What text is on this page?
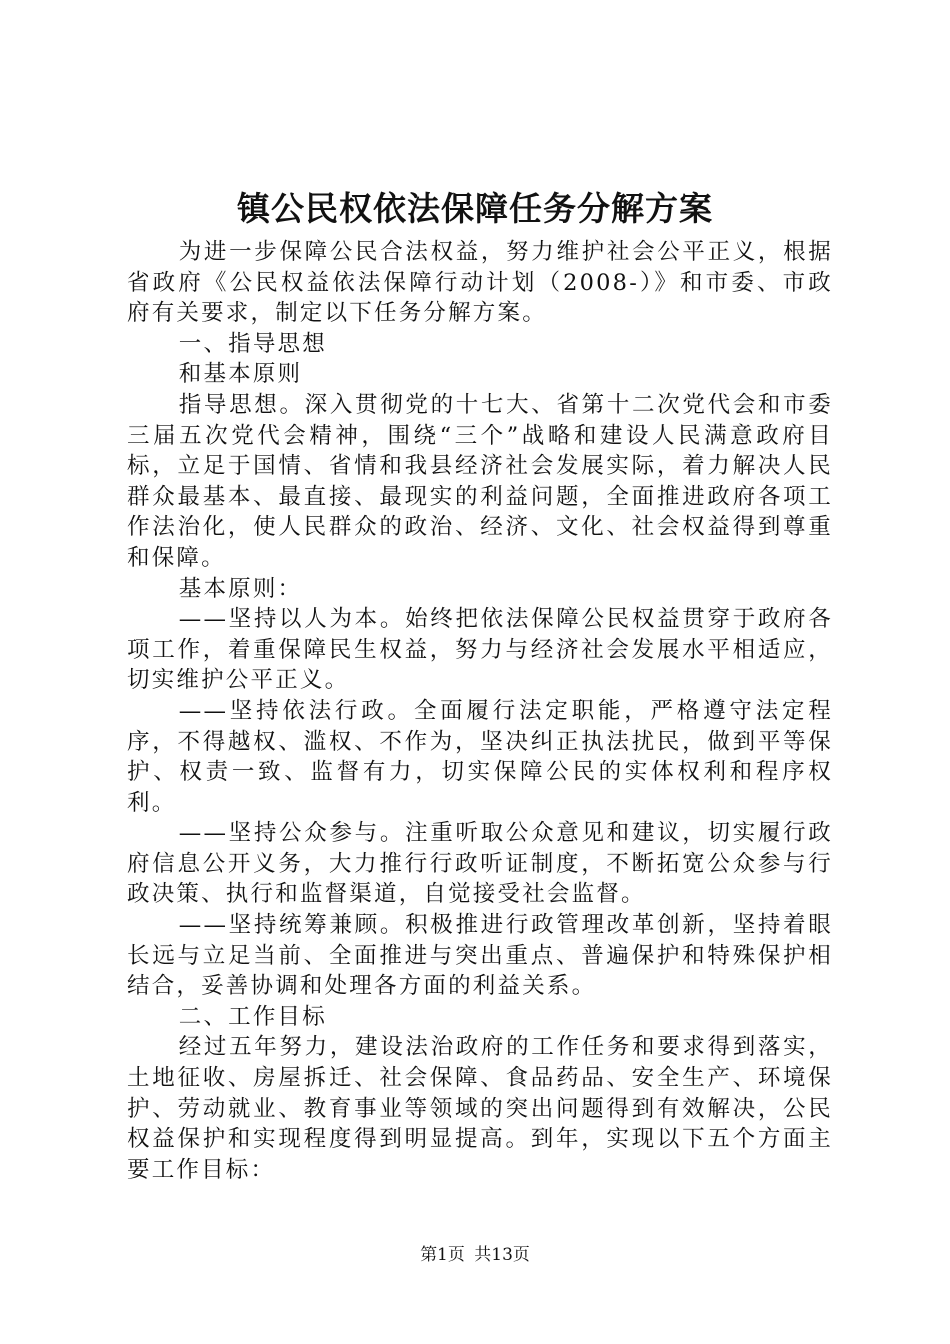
镇公民权依法保障任务分解方案

为进一步保障公民合法权益，努力维护社会公平正义，根据省政府《公民权益依法保障行动计划（2008-）》和市委、市政府有关要求，制定以下任务分解方案。

一、指导思想

和基本原则

指导思想。深入贯彻党的十七大、省第十二次党代会和市委三届五次党代会精神，围绕“三个”战略和建设人民满意政府目标，立足于国情、省情和我县经济社会发展实际，着力解决人民群众最基本、最直接、最现实的利益问题，全面推进政府各项工作法治化，使人民群众的政治、经济、文化、社会权益得到尊重和保障。

基本原则：

——坚持以人为本。始终把依法保障公民权益贯穿于政府各项工作，着重保障民生权益，努力与经济社会发展水平相适应，切实维护公平正义。

——坚持依法行政。全面履行法定职能，严格遵守法定程序，不得越权、滥权、不作为，坚决纠正执法扰民，做到平等保护、权责一致、监督有力，切实保障公民的实体权利和程序权利。

——坚持公众参与。注重听取公众意见和建议，切实履行政府信息公开义务，大力推行行政听证制度，不断拓宽公众参与行政决策、执行和监督渠道，自觉接受社会监督。

——坚持统筹兼顾。积极推进行政管理改革创新，坚持着眼长远与立足当前、全面推进与突出重点、普遍保护和特殊保护相结合，妥善协调和处理各方面的利益关系。

二、工作目标

经过五年努力，建设法治政府的工作任务和要求得到落实，土地征收、房屋拆迁、社会保障、食品药品、安全生产、环境保护、劳动就业、教育事业等领域的突出问题得到有效解决，公民权益保护和实现程度得到明显提高。到年，实现以下五个方面主要工作目标：

第1页 共13页
